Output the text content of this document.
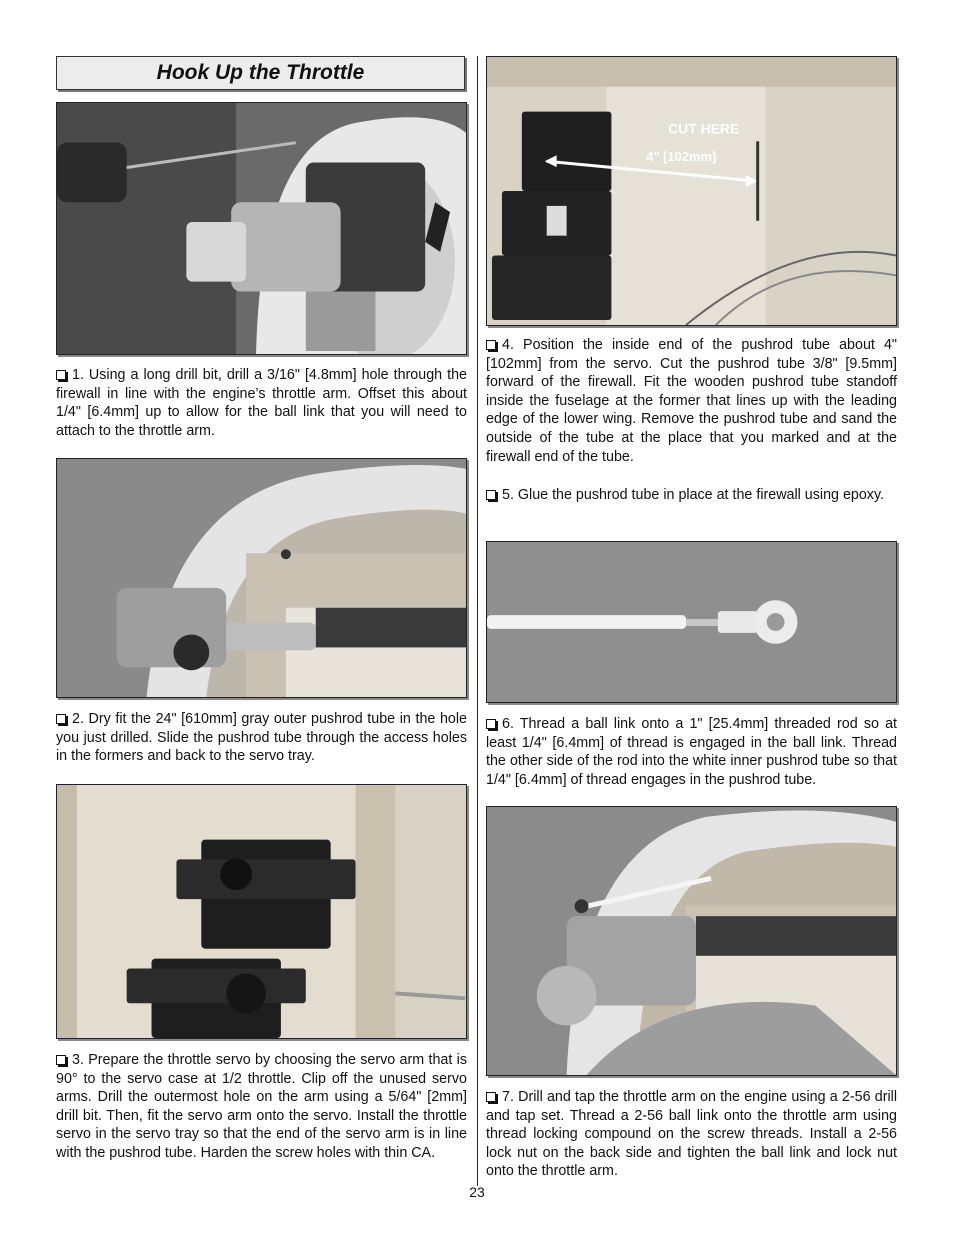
Hook Up the Throttle

1. Using a long drill bit, drill a 3/16" [4.8mm] hole through the firewall in line with the engine’s throttle arm. Offset this about 1/4" [6.4mm] up to allow for the ball link that you will need to attach to the throttle arm.

2. Dry fit the 24" [610mm] gray outer pushrod tube in the hole you just drilled. Slide the pushrod tube through the access holes in the formers and back to the servo tray.

3. Prepare the throttle servo by choosing the servo arm that is 90° to the servo case at 1/2 throttle. Clip off the unused servo arms. Drill the outermost hole on the arm using a 5/64" [2mm] drill bit. Then, fit the servo arm onto the servo. Install the throttle servo in the servo tray so that the end of the servo arm is in line with the pushrod tube. Harden the screw holes with thin CA.

CUT HERE
4" [102mm]

4. Position the inside end of the pushrod tube about 4" [102mm] from the servo. Cut the pushrod tube 3/8" [9.5mm] forward of the firewall. Fit the wooden pushrod tube standoff inside the fuselage at the former that lines up with the leading edge of the lower wing. Remove the pushrod tube and sand the outside of the tube at the place that you marked and at the firewall end of the tube.

5. Glue the pushrod tube in place at the firewall using epoxy.

6. Thread a ball link onto a 1" [25.4mm] threaded rod so at least 1/4" [6.4mm] of thread is engaged in the ball link. Thread the other side of the rod into the white inner pushrod tube so that 1/4" [6.4mm] of thread engages in the pushrod tube.

7. Drill and tap the throttle arm on the engine using a 2-56 drill and tap set. Thread a 2-56 ball link onto the throttle arm using thread locking compound on the screw threads. Install a 2-56 lock nut on the back side and tighten the ball link and lock nut onto the throttle arm.

23
